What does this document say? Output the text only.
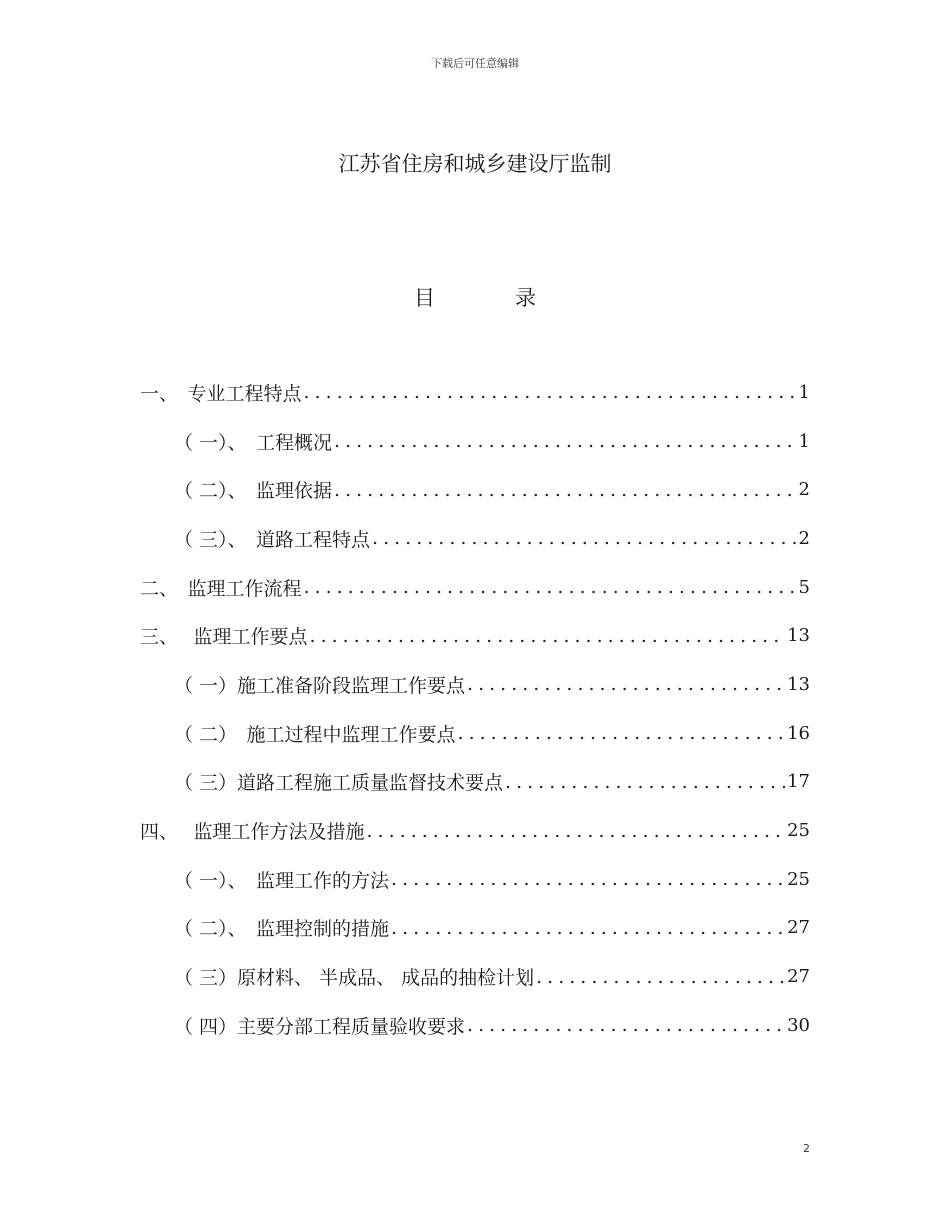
下载后可任意编辑
江苏省住房和城乡建设厅监制
目	录
一、　专业工程特点 .....	1
（ 一）、　工程概况 .....	1
（ 二）、　监理依据 .....	2
（ 三）、　道路工程特点 .....	2
二、　监理工作流程 .....	5
三、　 监理工作要点 .....	13
（ 一）施工准备阶段监理工作要点 .....	13
（ 二）　施工过程中监理工作要点 .....	16
（ 三）道路工程施工质量监督技术要点 .....	17
四、　 监理工作方法及措施 .....	25
（ 一）、　监理工作的方法 .....	25
（ 二）、　监理控制的措施 .....	27
（ 三）原材料、 半成品、 成品的抽检计划 .....	27
（ 四）主要分部工程质量验收要求 .....	30
2
